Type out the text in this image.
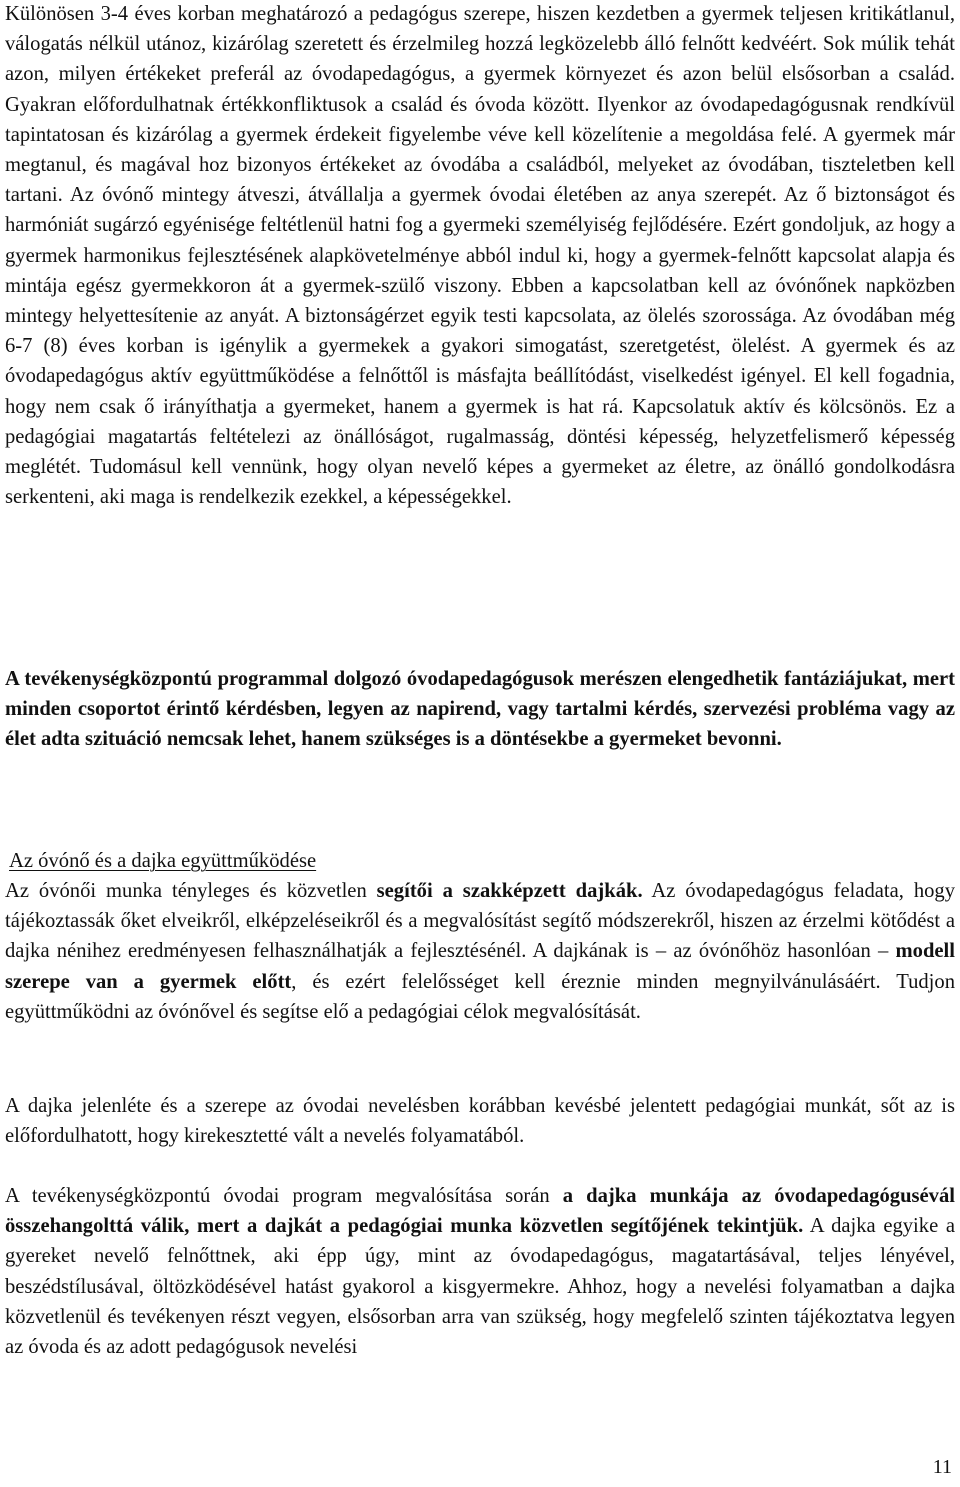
Különösen 3-4 éves korban meghatározó a pedagógus szerepe, hiszen kezdetben a gyermek teljesen kritikátlanul, válogatás nélkül utánoz, kizárólag szeretett és érzelmileg hozzá legközelebb álló felnőtt kedvéért. Sok múlik tehát azon, milyen értékeket preferál az óvodapedagógus, a gyermek környezet és azon belül elsősorban a család. Gyakran előfordulhatnak értékkonfliktusok a család és óvoda között. Ilyenkor az óvodapedagógusnak rendkívül tapintatosan és kizárólag a gyermek érdekeit figyelembe véve kell közelítenie a megoldása felé. A gyermek már megtanul, és magával hoz bizonyos értékeket az óvodába a családból, melyeket az óvodában, tiszteletben kell tartani. Az óvónő mintegy átveszi, átvállalja a gyermek óvodai életében az anya szerepét. Az ő biztonságot és harmóniát sugárzó egyénisége feltétlenül hatni fog a gyermeki személyiség fejlődésére. Ezért gondoljuk, az hogy a gyermek harmonikus fejlesztésének alapkövetelménye abból indul ki, hogy a gyermek-felnőtt kapcsolat alapja és mintája egész gyermekkoron át a gyermek-szülő viszony. Ebben a kapcsolatban kell az óvónőnek napközben mintegy helyettesítenie az anyát. A biztonságérzet egyik testi kapcsolata, az ölelés szorossága. Az óvodában még 6-7 (8) éves korban is igénylik a gyermekek a gyakori simogatást, szeretgetést, ölelést. A gyermek és az óvodapedagógus aktív együttműködése a felnőttől is másfajta beállítódást, viselkedést igényel. El kell fogadnia, hogy nem csak ő irányíthatja a gyermeket, hanem a gyermek is hat rá. Kapcsolatuk aktív és kölcsönös. Ez a pedagógiai magatartás feltételezi az önállóságot, rugalmasság, döntési képesség, helyzetfelismerő képesség meglétét. Tudomásul kell vennünk, hogy olyan nevelő képes a gyermeket az életre, az önálló gondolkodásra serkenteni, aki maga is rendelkezik ezekkel, a képességekkel.

A tevékenységközpontú programmal dolgozó óvodapedagógusok merészen elengedhetik fantáziájukat, mert minden csoportot érintő kérdésben, legyen az napirend, vagy tartalmi kérdés, szervezési probléma vagy az élet adta szituáció nemcsak lehet, hanem szükséges is a döntésekbe a gyermeket bevonni.

Az óvónő és a dajka együttműködése

Az óvónői munka tényleges és közvetlen segítői a szakképzett dajkák. Az óvodapedagógus feladata, hogy tájékoztassák őket elveikről, elképzeléseikről és a megvalósítást segítő módszerekről, hiszen az érzelmi kötődést a dajka nénihez eredményesen felhasználhatják a fejlesztésénél. A dajkának is – az óvónőhöz hasonlóan – modell szerepe van a gyermek előtt, és ezért felelősséget kell éreznie minden megnyilvánulásáért. Tudjon együttműködni az óvónővel és segítse elő a pedagógiai célok megvalósítását.

A dajka jelenléte és a szerepe az óvodai nevelésben korábban kevésbé jelentett pedagógiai munkát, sőt az is előfordulhatott, hogy kirekesztetté vált a nevelés folyamatából.

A tevékenységközpontú óvodai program megvalósítása során a dajka munkája az óvodapedagógusévál összehangolttá válik, mert a dajkát a pedagógiai munka közvetlen segítőjének tekintjük. A dajka egyike a gyereket nevelő felnőttnek, aki épp úgy, mint az óvodapedagógus, magatartásával, teljes lényével, beszédstílusával, öltözködésével hatást gyakorol a kisgyermekre. Ahhoz, hogy a nevelési folyamatban a dajka közvetlenül és tevékenyen részt vegyen, elsősorban arra van szükség, hogy megfelelő szinten tájékoztatva legyen az óvoda és az adott pedagógusok nevelési

11
